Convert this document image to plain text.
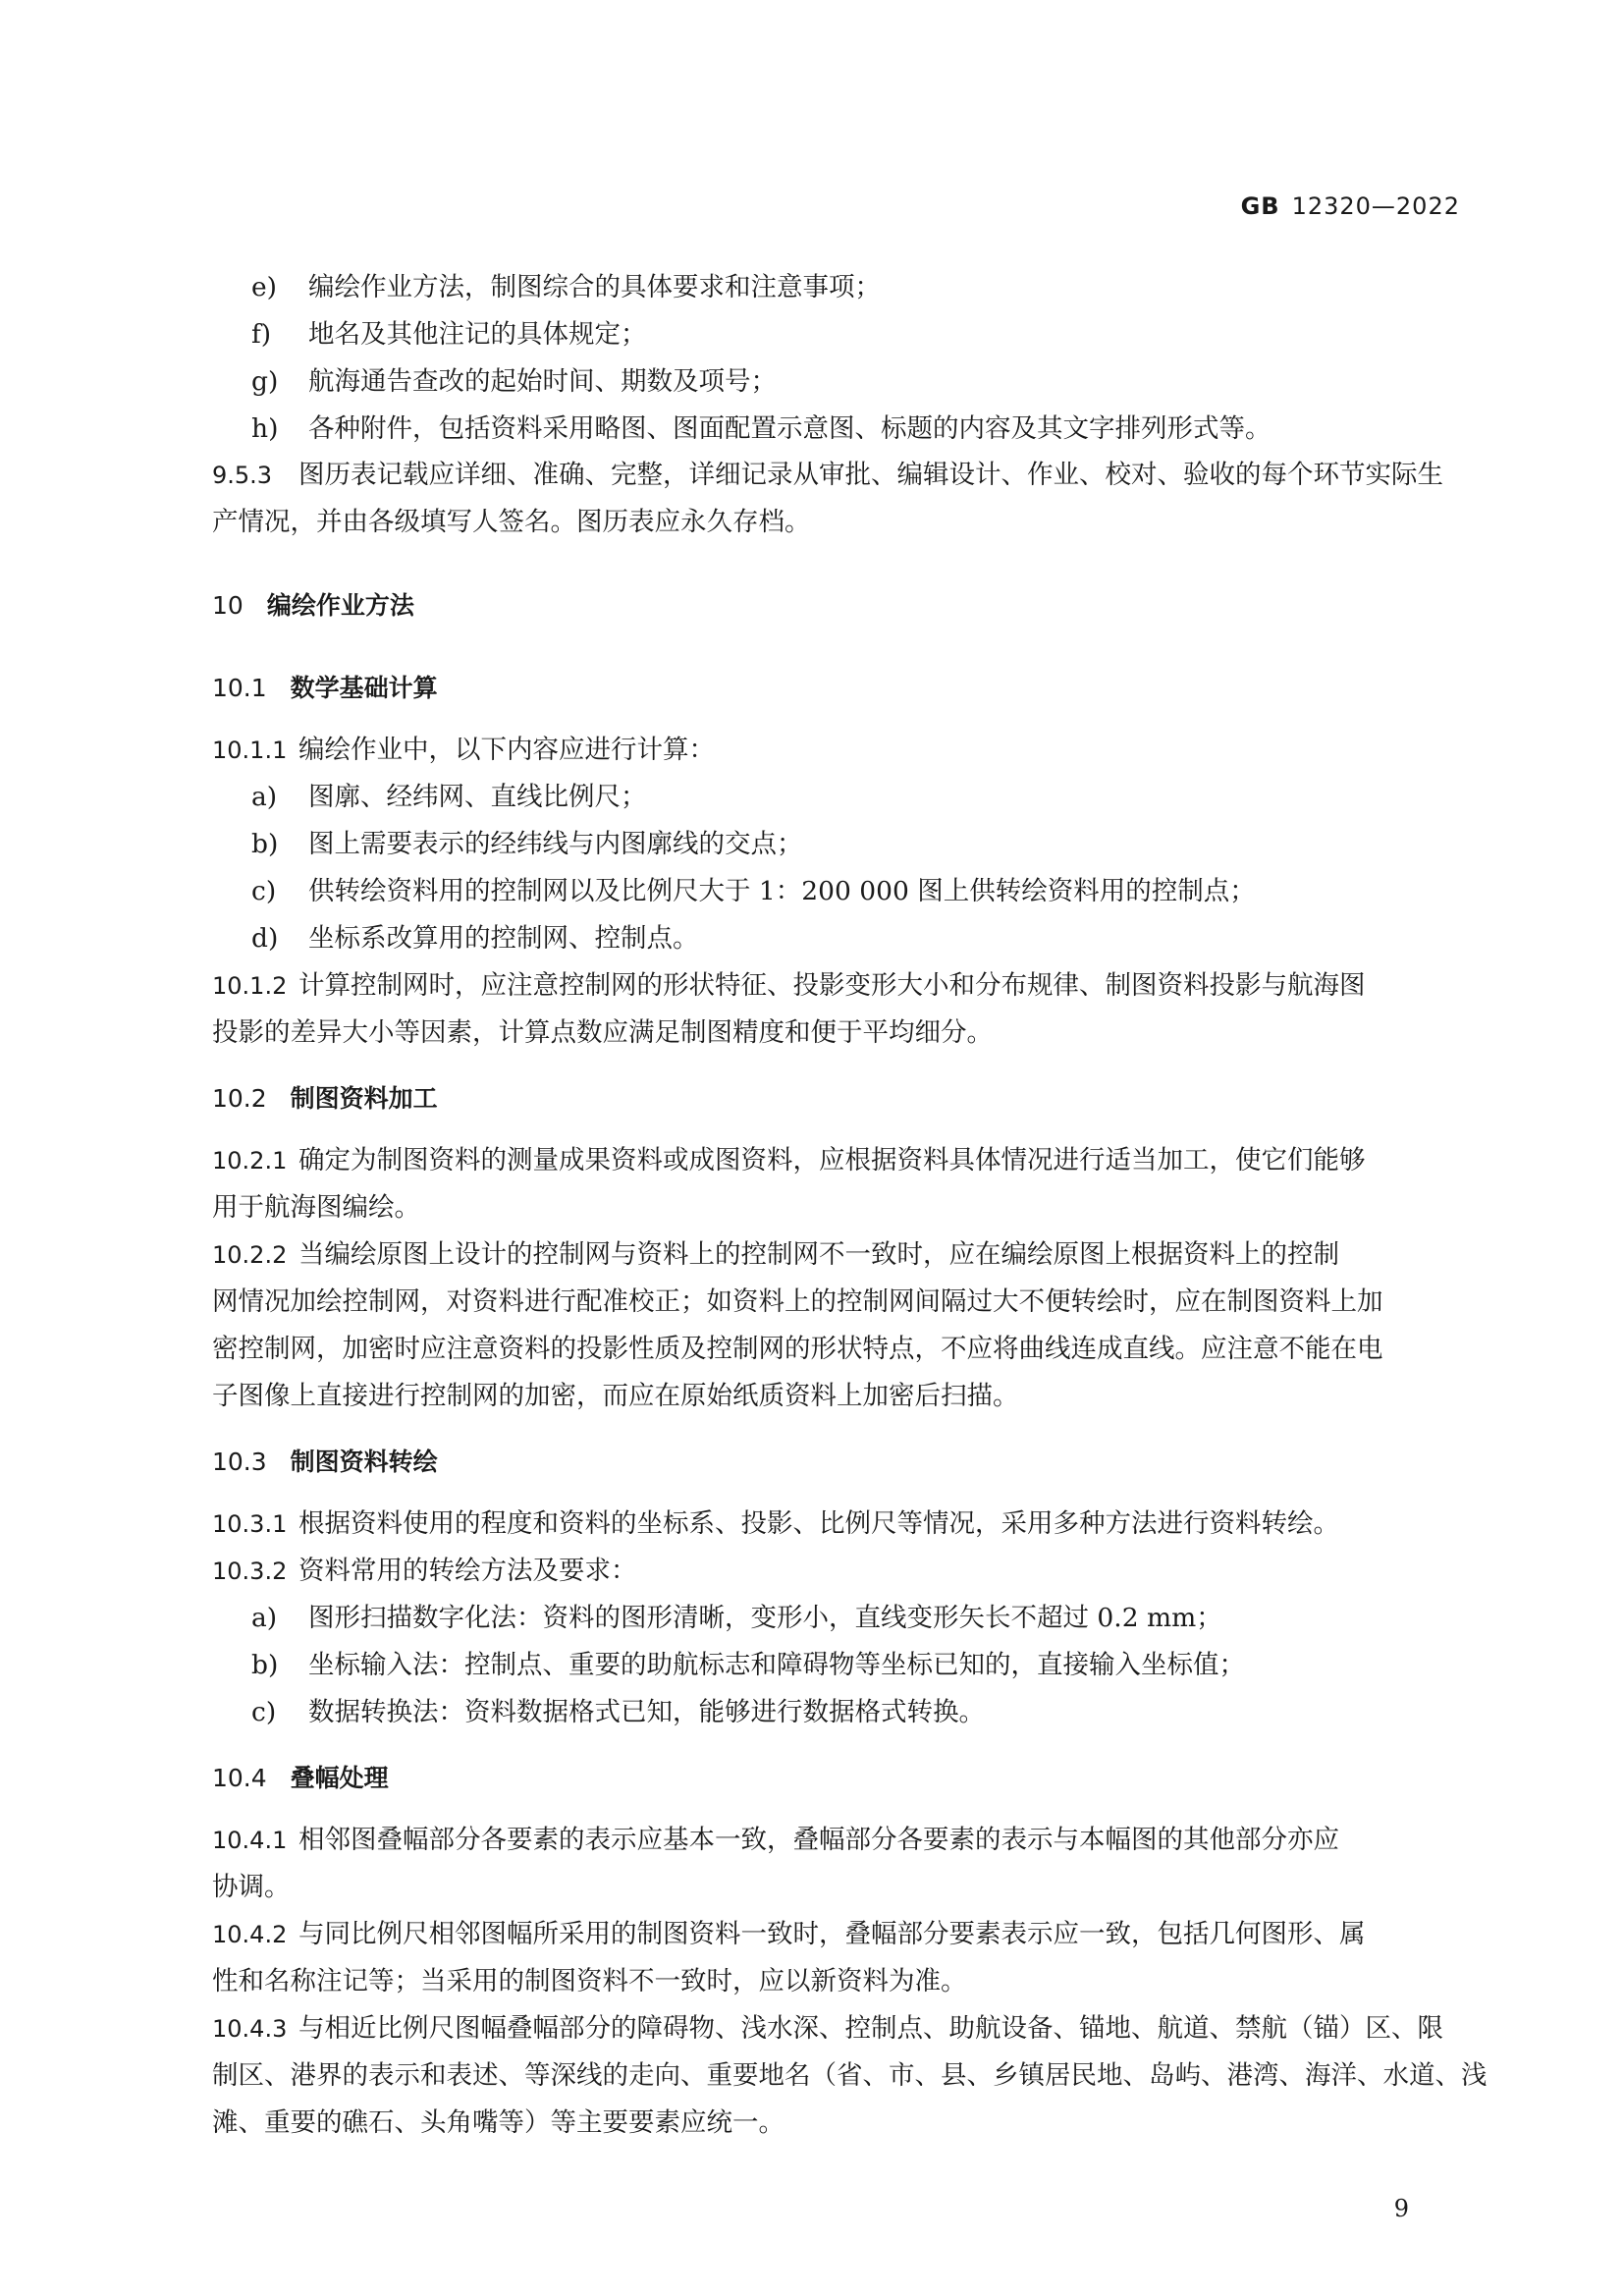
GB 12320—2022
e) 编绘作业方法，制图综合的具体要求和注意事项；
f) 地名及其他注记的具体规定；
g) 航海通告查改的起始时间、期数及项号；
h) 各种附件，包括资料采用略图、图面配置示意图、标题的内容及其文字排列形式等。
9.5.3 图历表记载应详细、准确、完整，详细记录从审批、编辑设计、作业、校对、验收的每个环节实际生
产情况，并由各级填写人签名。图历表应永久存档。
10 编绘作业方法
10.1 数学基础计算
10.1.1 编绘作业中，以下内容应进行计算：
a) 图廓、经纬网、直线比例尺；
b) 图上需要表示的经纬线与内图廓线的交点；
c) 供转绘资料用的控制网以及比例尺大于 1：200 000 图上供转绘资料用的控制点；
d) 坐标系改算用的控制网、控制点。
10.1.2 计算控制网时，应注意控制网的形状特征、投影变形大小和分布规律、制图资料投影与航海图
投影的差异大小等因素，计算点数应满足制图精度和便于平均细分。
10.2 制图资料加工
10.2.1 确定为制图资料的测量成果资料或成图资料，应根据资料具体情况进行适当加工，使它们能够
用于航海图编绘。
10.2.2 当编绘原图上设计的控制网与资料上的控制网不一致时，应在编绘原图上根据资料上的控制
网情况加绘控制网，对资料进行配准校正；如资料上的控制网间隔过大不便转绘时，应在制图资料上加
密控制网，加密时应注意资料的投影性质及控制网的形状特点，不应将曲线连成直线。应注意不能在电
子图像上直接进行控制网的加密，而应在原始纸质资料上加密后扫描。
10.3 制图资料转绘
10.3.1 根据资料使用的程度和资料的坐标系、投影、比例尺等情况，采用多种方法进行资料转绘。
10.3.2 资料常用的转绘方法及要求：
a) 图形扫描数字化法：资料的图形清晰，变形小，直线变形矢长不超过 0.2 mm；
b) 坐标输入法：控制点、重要的助航标志和障碍物等坐标已知的，直接输入坐标值；
c) 数据转换法：资料数据格式已知，能够进行数据格式转换。
10.4 叠幅处理
10.4.1 相邻图叠幅部分各要素的表示应基本一致，叠幅部分各要素的表示与本幅图的其他部分亦应
协调。
10.4.2 与同比例尺相邻图幅所采用的制图资料一致时，叠幅部分要素表示应一致，包括几何图形、属
性和名称注记等；当采用的制图资料不一致时，应以新资料为准。
10.4.3 与相近比例尺图幅叠幅部分的障碍物、浅水深、控制点、助航设备、锚地、航道、禁航（锚）区、限
制区、港界的表示和表述、等深线的走向、重要地名（省、市、县、乡镇居民地、岛屿、港湾、海洋、水道、浅
滩、重要的礁石、头角嘴等）等主要要素应统一。
9
